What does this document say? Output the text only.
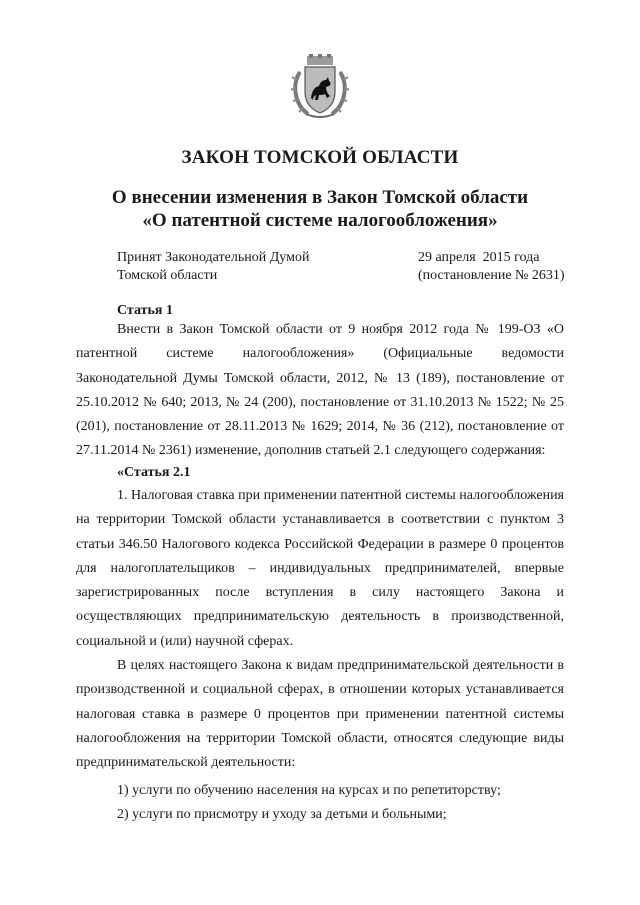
ЗАКОН ТОМСКОЙ ОБЛАСТИ
О внесении изменения в Закон Томской области
«О патентной системе налогообложения»
Принят Законодательной Думой
Томской области
29 апреля  2015 года
(постановление № 2631)
Статья 1
Внести в Закон Томской области от 9 ноября 2012 года № 199-ОЗ «О патентной системе налогообложения» (Официальные ведомости Законодательной Думы Томской области, 2012, № 13 (189), постановление от 25.10.2012 № 640; 2013, № 24 (200), постановление от 31.10.2013 № 1522; № 25 (201), постановление от 28.11.2013 № 1629; 2014, № 36 (212), постановление от 27.11.2014 № 2361) изменение, дополнив статьей 2.1 следующего содержания:
«Статья 2.1
1. Налоговая ставка при применении патентной системы налогообложения на территории Томской области устанавливается в соответствии с пунктом 3 статьи 346.50 Налогового кодекса Российской Федерации в размере 0 процентов для налогоплательщиков – индивидуальных предпринимателей, впервые зарегистрированных после вступления в силу настоящего Закона и осуществляющих предпринимательскую деятельность в производственной, социальной и (или) научной сферах.
В целях настоящего Закона к видам предпринимательской деятельности в производственной и социальной сферах, в отношении которых устанавливается налоговая ставка в размере 0 процентов при применении патентной системы налогообложения на территории Томской области, относятся следующие виды предпринимательской деятельности:
1) услуги по обучению населения на курсах и по репетиторству;
2) услуги по присмотру и уходу за детьми и больными;
